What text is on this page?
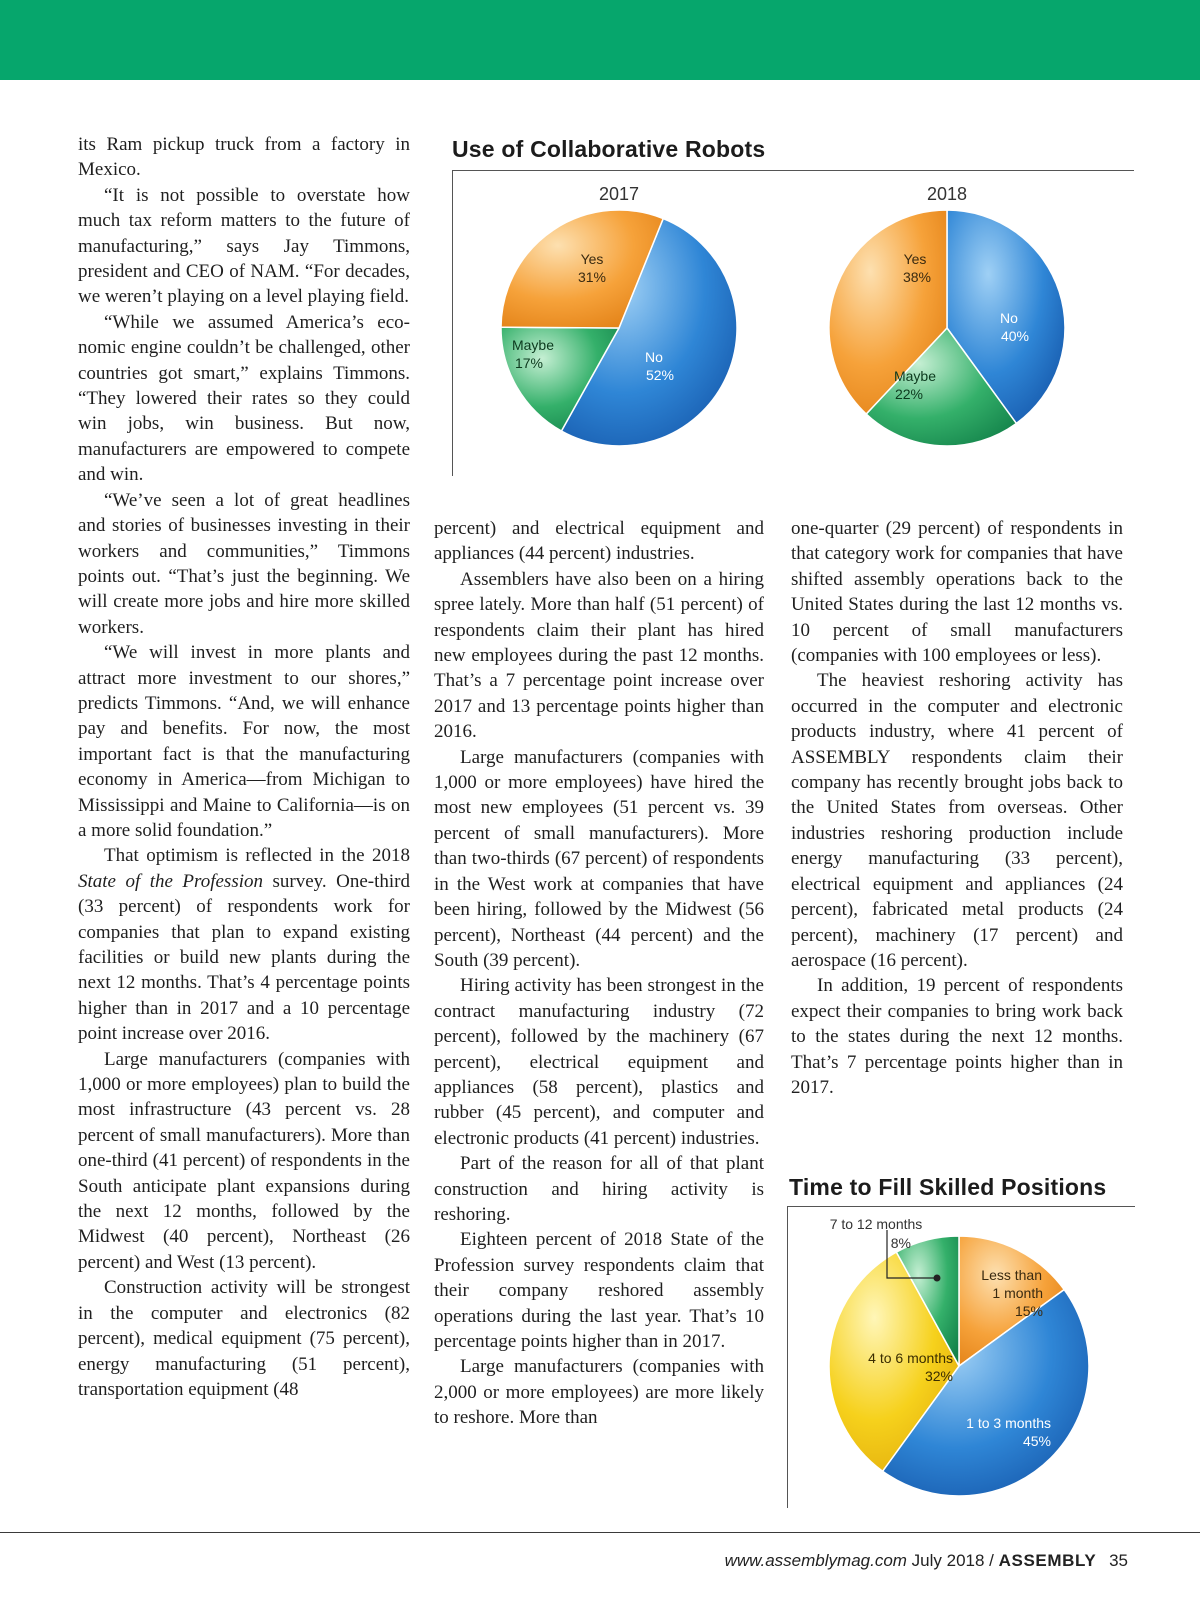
its Ram pickup truck from a factory in Mexico.

“It is not possible to overstate how much tax reform matters to the future of manufacturing,” says Jay Timmons, president and CEO of NAM. “For decades, we weren’t playing on a level playing field.

“While we assumed America’s economic engine couldn’t be challenged, other countries got smart,” explains Timmons. “They lowered their rates so they could win jobs, win business. But now, manufacturers are empowered to compete and win.

“We’ve seen a lot of great headlines and stories of businesses investing in their workers and communities,” Timmons points out. “That’s just the beginning. We will create more jobs and hire more skilled workers.

“We will invest in more plants and attract more investment to our shores,” predicts Timmons. “And, we will enhance pay and benefits. For now, the most important fact is that the manufacturing economy in America—from Michigan to Mississippi and Maine to California—is on a more solid foundation.”

That optimism is reflected in the 2018 State of the Profession survey. One-third (33 percent) of respondents work for companies that plan to expand existing facilities or build new plants during the next 12 months. That’s 4 percentage points higher than in 2017 and a 10 percentage point increase over 2016.

Large manufacturers (companies with 1,000 or more employees) plan to build the most infrastructure (43 percent vs. 28 percent of small manufacturers). More than one-third (41 percent) of respondents in the South anticipate plant expansions during the next 12 months, followed by the Midwest (40 percent), Northeast (26 percent) and West (13 percent).

Construction activity will be strongest in the computer and electronics (82 percent), medical equipment (75 percent), energy manufacturing (51 percent), transportation equipment (48

percent) and electrical equipment and appliances (44 percent) industries.

Assemblers have also been on a hiring spree lately. More than half (51 percent) of respondents claim their plant has hired new employees during the past 12 months. That’s a 7 percentage point increase over 2017 and 13 percentage points higher than 2016.

Large manufacturers (companies with 1,000 or more employees) have hired the most new employees (51 percent vs. 39 percent of small manufacturers). More than two-thirds (67 percent) of respondents in the West work at companies that have been hiring, followed by the Midwest (56 percent), Northeast (44 percent) and the South (39 percent).

Hiring activity has been strongest in the contract manufacturing industry (72 percent), followed by the machinery (67 percent), electrical equipment and appliances (58 percent), plastics and rubber (45 percent), and computer and electronic products (41 percent) industries.

Part of the reason for all of that plant construction and hiring activity is reshoring.

Eighteen percent of 2018 State of the Profession survey respondents claim that their company reshored assembly operations during the last year. That’s 10 percentage points higher than in 2017.

Large manufacturers (companies with 2,000 or more employees) are more likely to reshore. More than

one-quarter (29 percent) of respondents in that category work for companies that have shifted assembly operations back to the United States during the last 12 months vs. 10 percent of small manufacturers (companies with 100 employees or less).

The heaviest reshoring activity has occurred in the computer and electronic products industry, where 41 percent of ASSEMBLY respondents claim their company has recently brought jobs back to the United States from overseas. Other industries reshoring production include energy manufacturing (33 percent), electrical equipment and appliances (24 percent), fabricated metal products (24 percent), machinery (17 percent) and aerospace (16 percent).

In addition, 19 percent of respondents expect their companies to bring work back to the states during the next 12 months. That’s 7 percentage points higher than in 2017.

Use of Collaborative Robots
2017	2018
Yes
31%
Maybe
17%	No
52%
Yes
38%
No
40%
Maybe
22%
Time to Fill Skilled Positions
7 to 12 months
8%
Less than
1 month
15%
4 to 6 months
32%
1 to 3 months
45%
www.assemblymag.com July 2018 / ASSEMBLY 35
